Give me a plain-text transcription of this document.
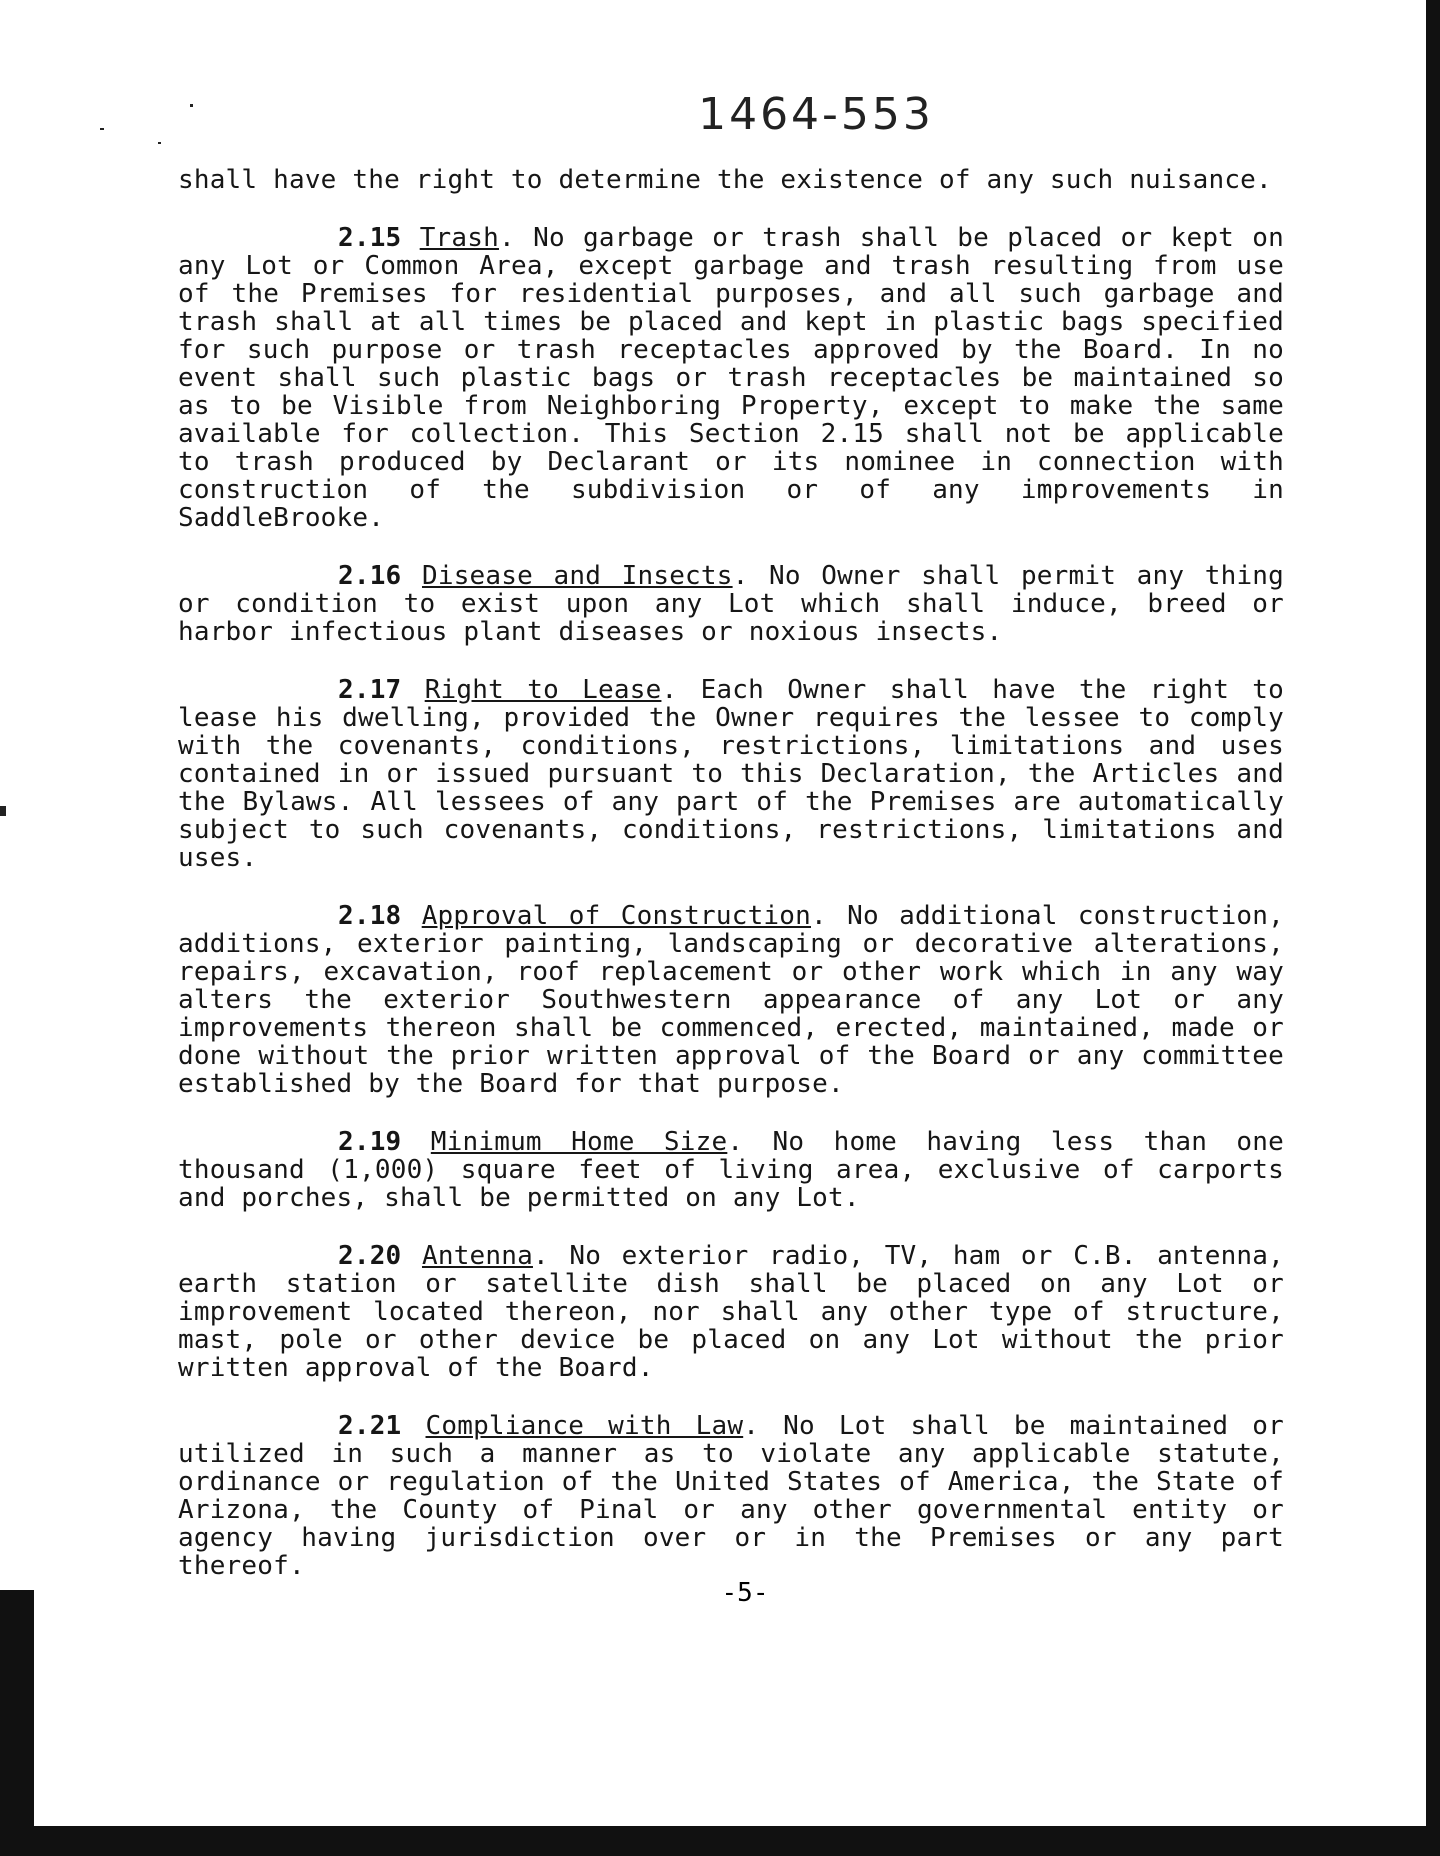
1464-553

shall have the right to determine the existence of any such nuisance.

2.15 Trash. No garbage or trash shall be placed or kept on any Lot or Common Area, except garbage and trash resulting from use of the Premises for residential purposes, and all such garbage and trash shall at all times be placed and kept in plastic bags specified for such purpose or trash receptacles approved by the Board. In no event shall such plastic bags or trash receptacles be maintained so as to be Visible from Neighboring Property, except to make the same available for collection. This Section 2.15 shall not be applicable to trash produced by Declarant or its nominee in connection with construction of the subdivision or of any improvements in SaddleBrooke.

2.16 Disease and Insects. No Owner shall permit any thing or condition to exist upon any Lot which shall induce, breed or harbor infectious plant diseases or noxious insects.

2.17 Right to Lease. Each Owner shall have the right to lease his dwelling, provided the Owner requires the lessee to comply with the covenants, conditions, restrictions, limitations and uses contained in or issued pursuant to this Declaration, the Articles and the Bylaws. All lessees of any part of the Premises are automatically subject to such covenants, conditions, restrictions, limitations and uses.

2.18 Approval of Construction. No additional construction, additions, exterior painting, landscaping or decorative alterations, repairs, excavation, roof replacement or other work which in any way alters the exterior Southwestern appearance of any Lot or any improvements thereon shall be commenced, erected, maintained, made or done without the prior written approval of the Board or any committee established by the Board for that purpose.

2.19 Minimum Home Size. No home having less than one thousand (1,000) square feet of living area, exclusive of carports and porches, shall be permitted on any Lot.

2.20 Antenna. No exterior radio, TV, ham or C.B. antenna, earth station or satellite dish shall be placed on any Lot or improvement located thereon, nor shall any other type of structure, mast, pole or other device be placed on any Lot without the prior written approval of the Board.

2.21 Compliance with Law. No Lot shall be maintained or utilized in such a manner as to violate any applicable statute, ordinance or regulation of the United States of America, the State of Arizona, the County of Pinal or any other governmental entity or agency having jurisdiction over or in the Premises or any part thereof.

-5-
